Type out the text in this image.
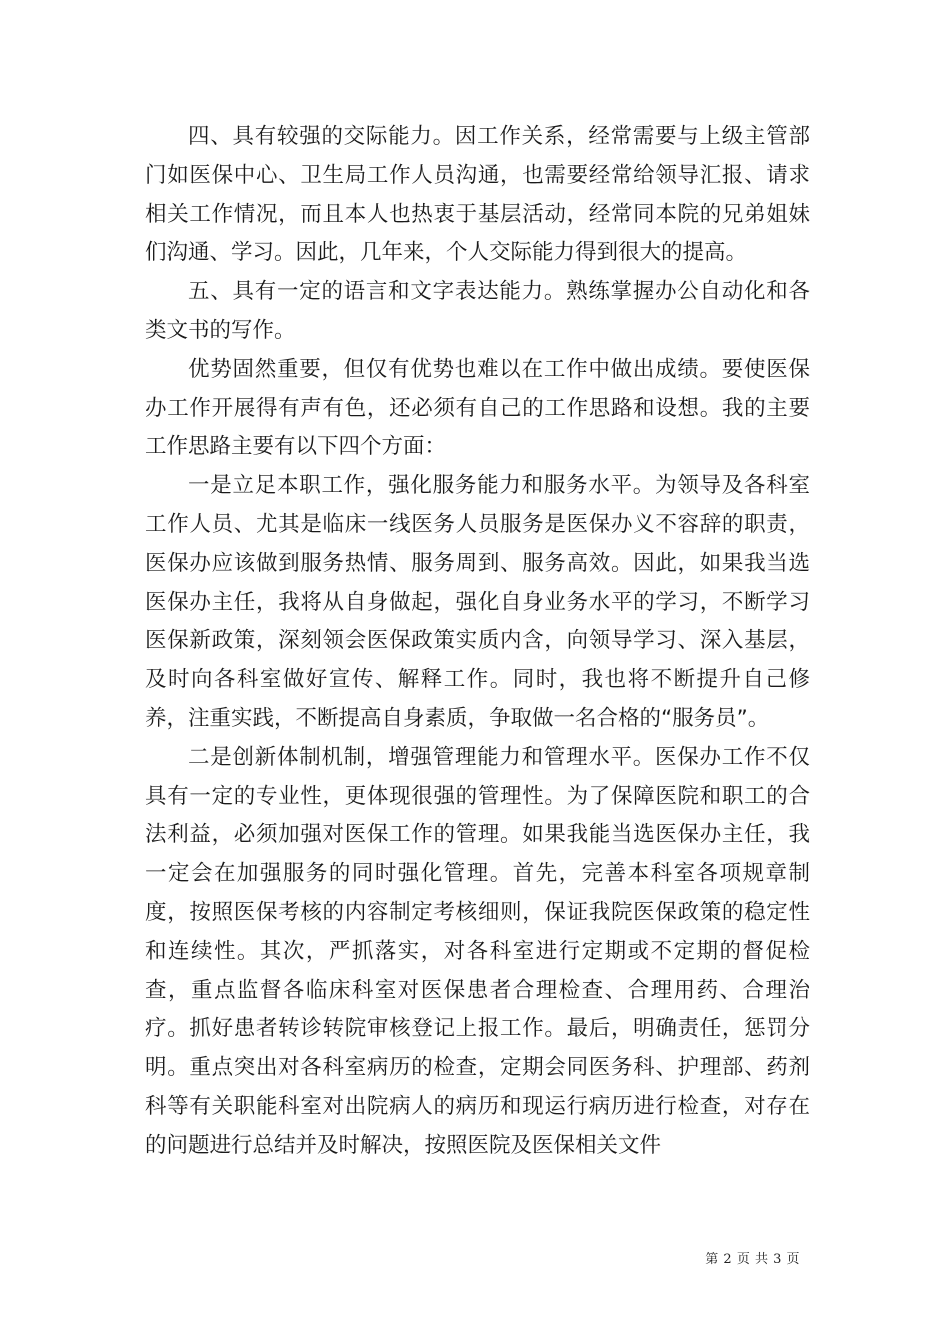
四、具有较强的交际能力。因工作关系，经常需要与上级主管部门如医保中心、卫生局工作人员沟通，也需要经常给领导汇报、请求相关工作情况，而且本人也热衷于基层活动，经常同本院的兄弟姐妹们沟通、学习。因此，几年来，个人交际能力得到很大的提高。

五、具有一定的语言和文字表达能力。熟练掌握办公自动化和各类文书的写作。

优势固然重要，但仅有优势也难以在工作中做出成绩。要使医保办工作开展得有声有色，还必须有自己的工作思路和设想。我的主要工作思路主要有以下四个方面：

一是立足本职工作，强化服务能力和服务水平。为领导及各科室工作人员、尤其是临床一线医务人员服务是医保办义不容辞的职责，医保办应该做到服务热情、服务周到、服务高效。因此，如果我当选医保办主任，我将从自身做起，强化自身业务水平的学习，不断学习医保新政策，深刻领会医保政策实质内含，向领导学习、深入基层，及时向各科室做好宣传、解释工作。同时，我也将不断提升自己修养，注重实践，不断提高自身素质，争取做一名合格的“服务员”。

二是创新体制机制，增强管理能力和管理水平。医保办工作不仅具有一定的专业性，更体现很强的管理性。为了保障医院和职工的合法利益，必须加强对医保工作的管理。如果我能当选医保办主任，我一定会在加强服务的同时强化管理。首先，完善本科室各项规章制度，按照医保考核的内容制定考核细则，保证我院医保政策的稳定性和连续性。其次，严抓落实，对各科室进行定期或不定期的督促检查，重点监督各临床科室对医保患者合理检查、合理用药、合理治疗。抓好患者转诊转院审核登记上报工作。最后，明确责任，惩罚分明。重点突出对各科室病历的检查，定期会同医务科、护理部、药剂科等有关职能科室对出院病人的病历和现运行病历进行检查，对存在的问题进行总结并及时解决，按照医院及医保相关文件

第 2 页 共 3 页
